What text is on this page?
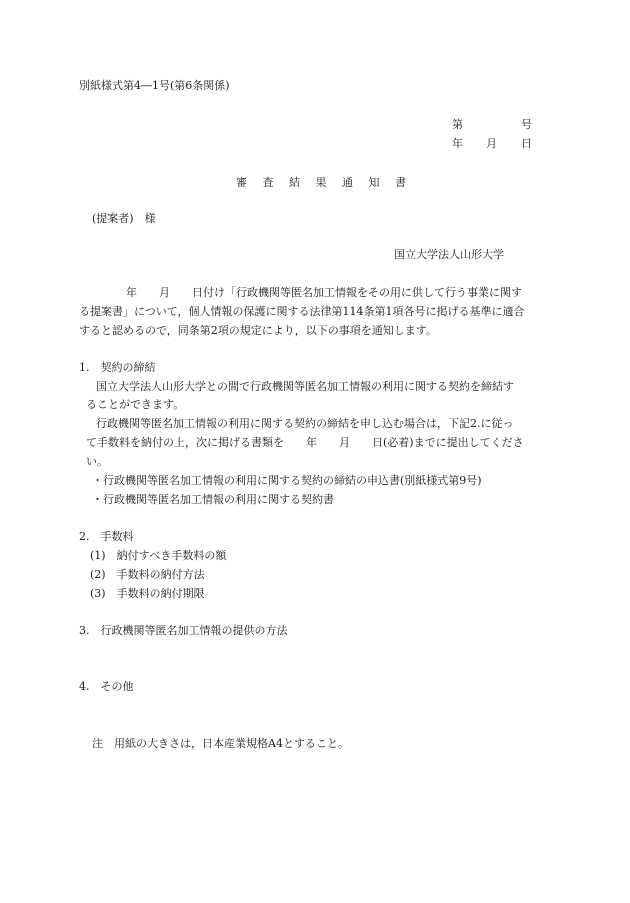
別紙様式第4―1号(第6条関係)
第	号
年 月 日
審 査 結 果 通 知 書
(提案者)　様
国立大学法人山形大学
年　　月　　日付け「行政機関等匿名加工情報をその用に供して行う事業に関す
る提案書」について，個人情報の保護に関する法律第114条第1項各号に掲げる基準に適合
すると認めるので，同条第2項の規定により，以下の事項を通知します。
1.　契約の締結
国立大学法人山形大学との間で行政機関等匿名加工情報の利用に関する契約を締結す
ることができます。
行政機関等匿名加工情報の利用に関する契約の締結を申し込む場合は，下記2.に従っ
て手数料を納付の上，次に掲げる書類を　　年　　月　　日(必着)までに提出してくださ
い。
・行政機関等匿名加工情報の利用に関する契約の締結の申込書(別紙様式第9号)
・行政機関等匿名加工情報の利用に関する契約書
2.　手数料
(1)　納付すべき手数料の額
(2)　手数料の納付方法
(3)　手数料の納付期限
3.　行政機関等匿名加工情報の提供の方法
4.　その他
注　用紙の大きさは，日本産業規格A4とすること。
